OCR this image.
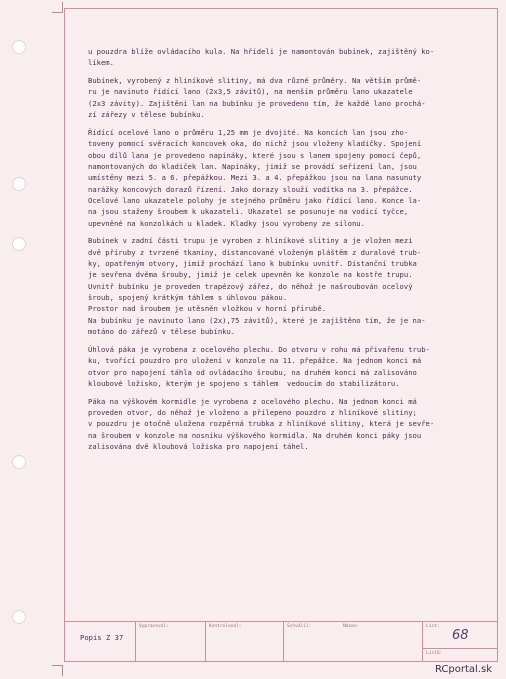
u pouzdra blíže ovládacího kula. Na hřídeli je namontován bubínek, zajištěný ko-
líkem.

Bubínek, vyrobený z hliníkové slitiny, má dva různé průměry. Na větším průmě-
ru je navinuto řídící lano (2x3,5 závitů), na menším průměru lano ukazatele
(2x3 závity). Zajištění lan na bubínku je provedeno tím, že každé lano prochá-
zí zářezy v tělese bubínku.

Řídící ocelové lano o průměru 1,25 mm je dvojité. Na koncích lan jsou zho-
toveny pomocí svěracích koncovek oka, do nichž jsou vloženy kladičky. Spojení
obou dílů lana je provedeno napínáky, které jsou s lanem spojeny pomocí čepů,
namontovaných do kladiček lan. Napínáky, jimiž se provádí seřízení lan, jsou
umístěny mezi 5. a 6. přepážkou. Mezi 3. a 4. přepážkou jsou na lana nasunuty
narážky koncových dorazů řízení. Jako dorazy slouží vodítka na 3. přepážce.
Ocelové lano ukazatele polohy je stejného průměru jako řídící lano. Konce la-
na jsou staženy šroubem k ukazateli. Ukazatel se posunuje na vodicí tyčce,
upevněné na konzolkách u kladek. Kladky jsou vyrobeny ze silonu.

Bubínek v zadní části trupu je vyroben z hliníkové slitiny a je vložen mezi
dvě příruby z tvrzené tkaniny, distancované vloženým pláštěm z duralové trub-
ky, opatřeným otvory, jimiž prochází lano k bubínku uvnitř. Distanční trubka
je sevřena dvěma šrouby, jimiž je celek upevněn ke konzole na kostře trupu.
Uvnitř bubínku je proveden trapézový zářez, do něhož je našroubován ocelový
šroub, spojený krátkým táhlem s úhlovou pákou.
Prostor nad šroubem je utěsněn vložkou v horní přírubě.
Na bubínku je navinuto lano (2x),75 závitů), které je zajištěno tím, že je na-
motáno do zářezů v tělese bubínku.

Úhlová páka je vyrobena z ocelového plechu. Do otvoru v rohu má přivařenu trub-
ku, tvořící pouzdro pro uložení v konzole na 11. přepážce. Na jednom konci má
otvor pro napojení táhla od ovládacího šroubu, na druhém konci má zalisováno
kloubové ložisko, kterým je spojeno s táhlem  vedoucím do stabilizátoru.

Páka na výškovém kormidle je vyrobena z ocelového plechu. Na jednom konci má
proveden otvor, do něhož je vloženo a přilepeno pouzdro z hliníkové slitiny;
v pouzdru je otočně uložena rozpěrná trubka z hliníkové slitiny, která je sevře-
na šroubem v konzole na nosníku výškového kormidla. Na druhém konci páky jsou
zalisována dvě kloubová ložiska pro napojení táhel.

Popis Z 37
Vypracoval:	Kontroloval:	Schválil:	Název:	List:
Listů:
68
RCportal.sk
